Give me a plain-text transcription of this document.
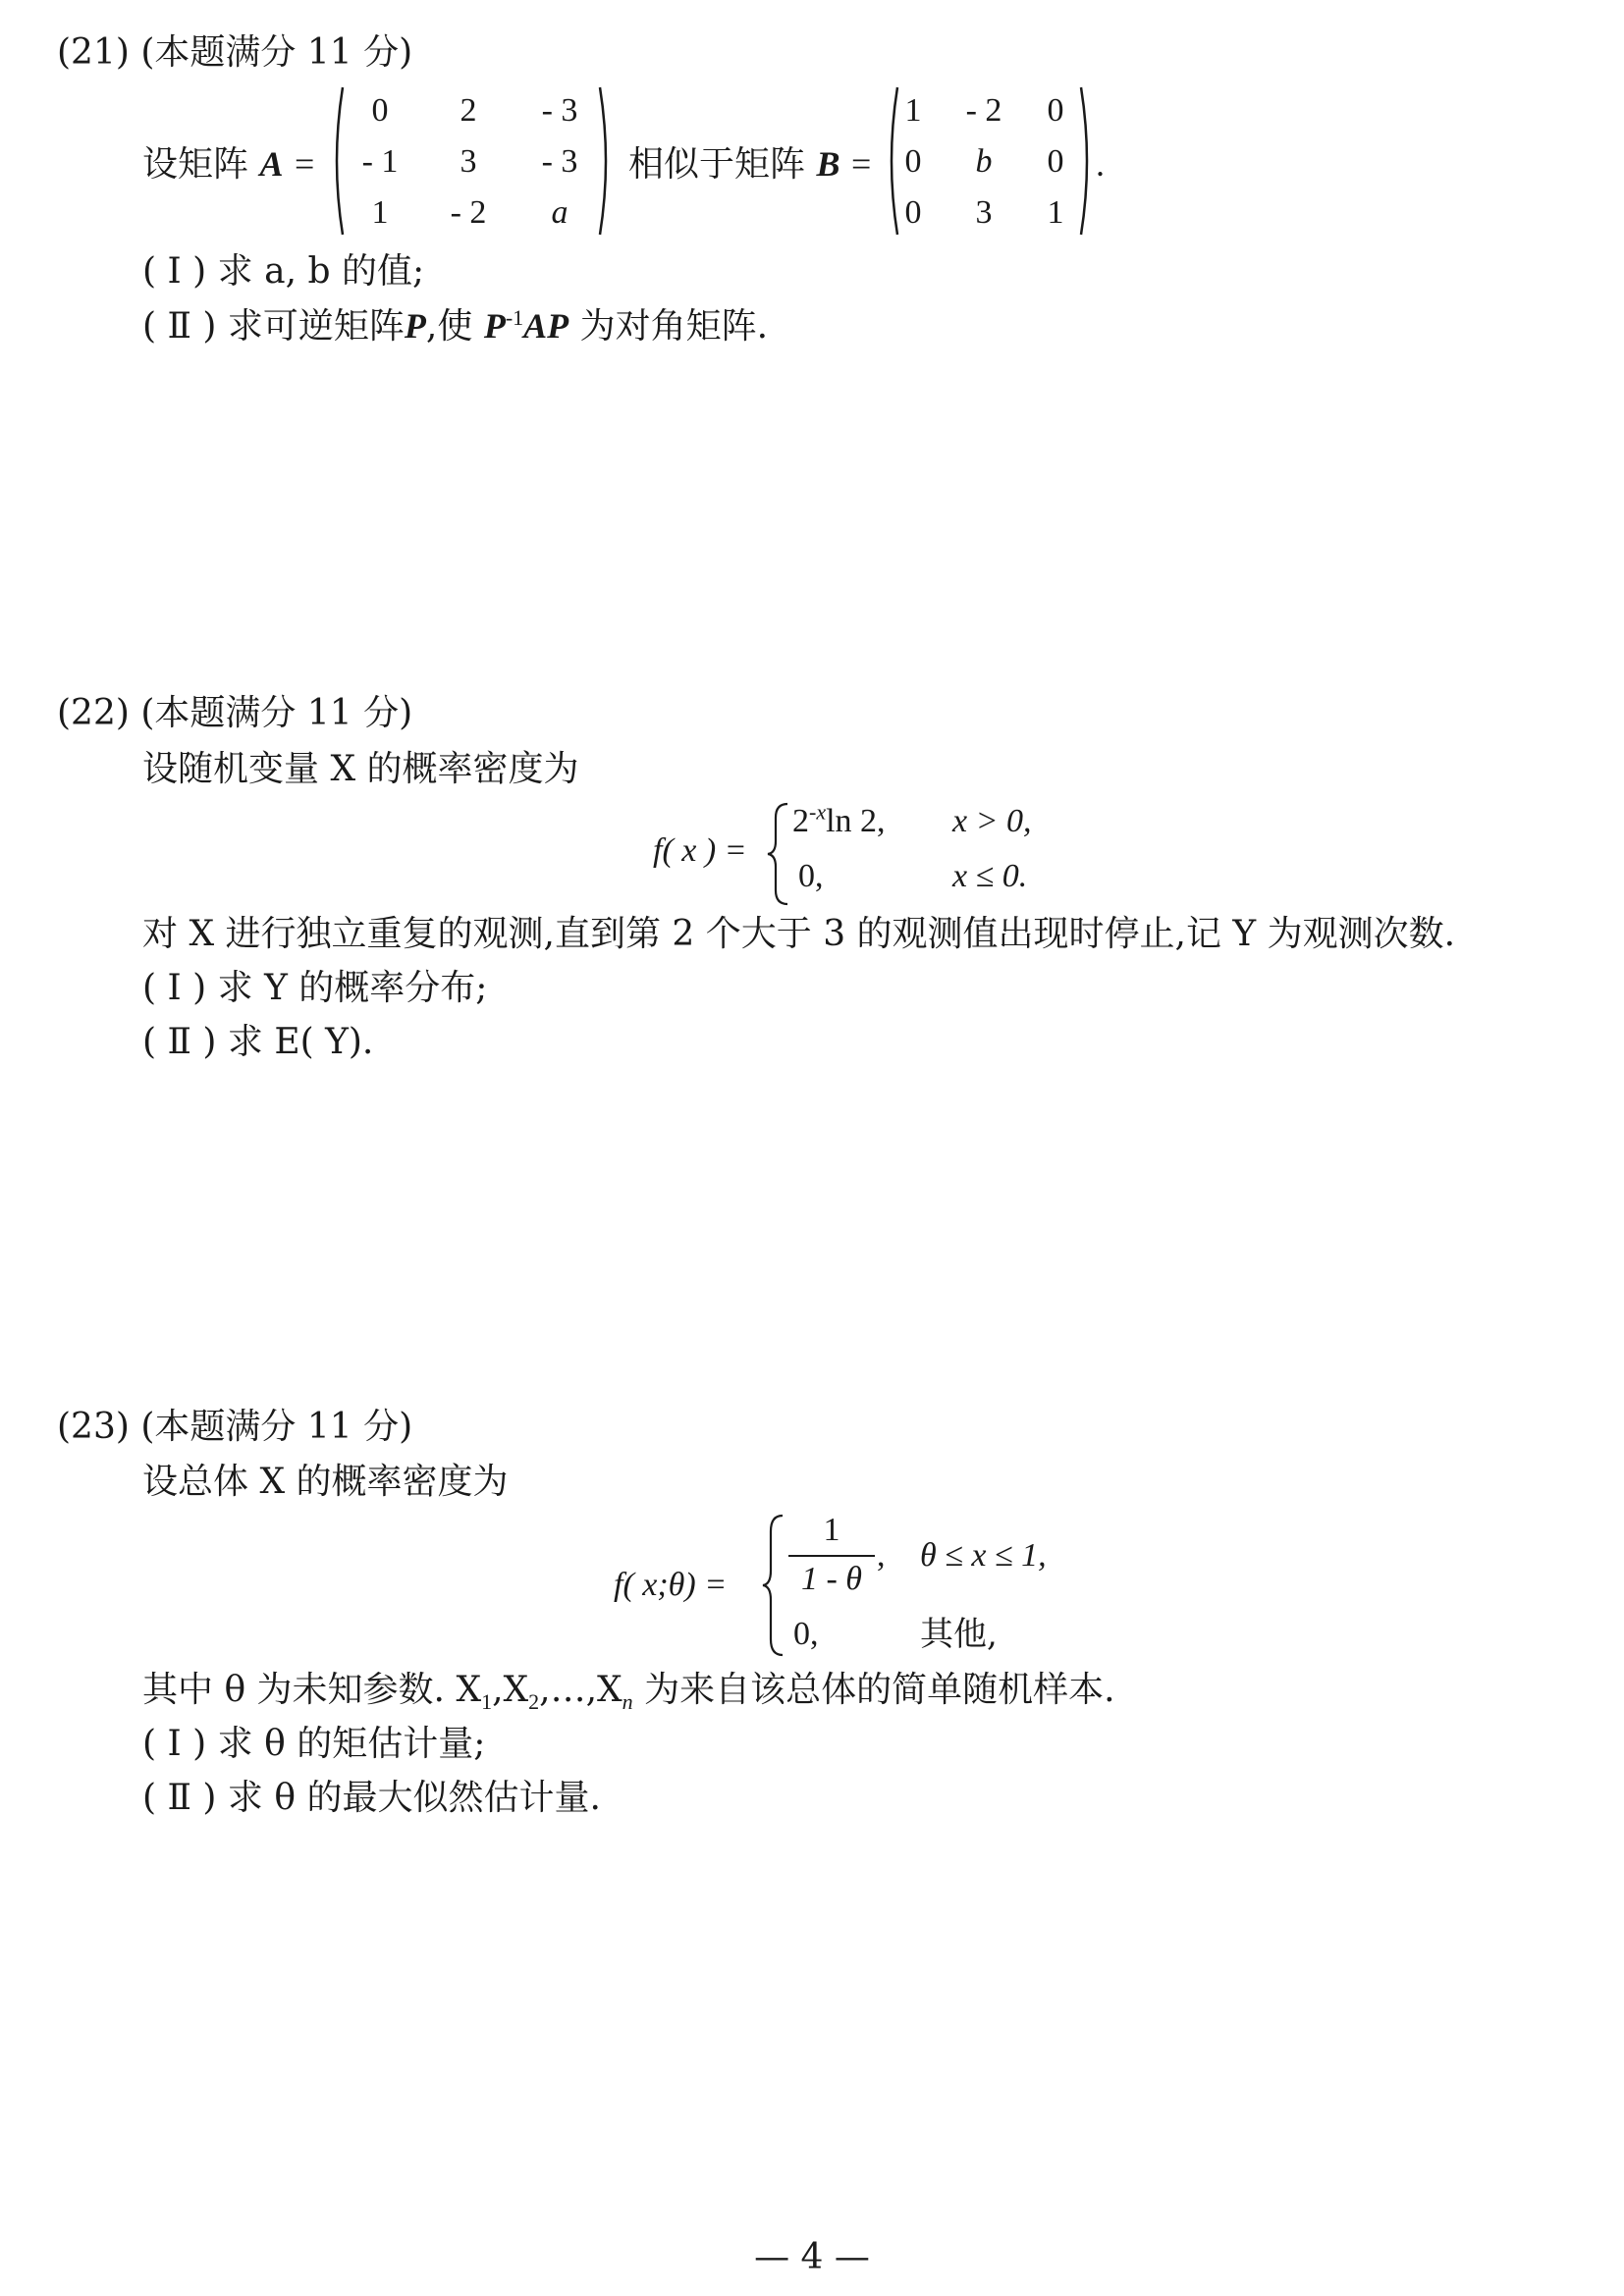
(21) (本题满分 11 分)
设矩阵 A =
0	2	- 3
- 1	3	- 3
1	- 2	a
相似于矩阵 B =
1	- 2	0
0	b	0
0	3	1
.
( Ⅰ ) 求 a, b 的值;
( Ⅱ ) 求可逆矩阵P,使 $P^{-1}AP$ 为对角矩阵.
(22) (本题满分 11 分)
设随机变量 X 的概率密度为
f( x ) =
$2^{-x}\ln$ 2, x > 0,
0,	x ≤ 0.
对 X 进行独立重复的观测,直到第 2 个大于 3 的观测值出现时停止,记 Y 为观测次数.
( Ⅰ ) 求 Y 的概率分布;
( Ⅱ ) 求 E( Y).
(23) (本题满分 11 分)
设总体 X 的概率密度为
f( x;θ) =
1
1 - θ
, θ ≤ x ≤ 1,
0,	其他,
其中 θ 为未知参数. $X_1,X_2,\dots,X_n$ 为来自该总体的简单随机样本.
( Ⅰ ) 求 θ 的矩估计量;
( Ⅱ ) 求 θ 的最大似然估计量.
— 4 —
